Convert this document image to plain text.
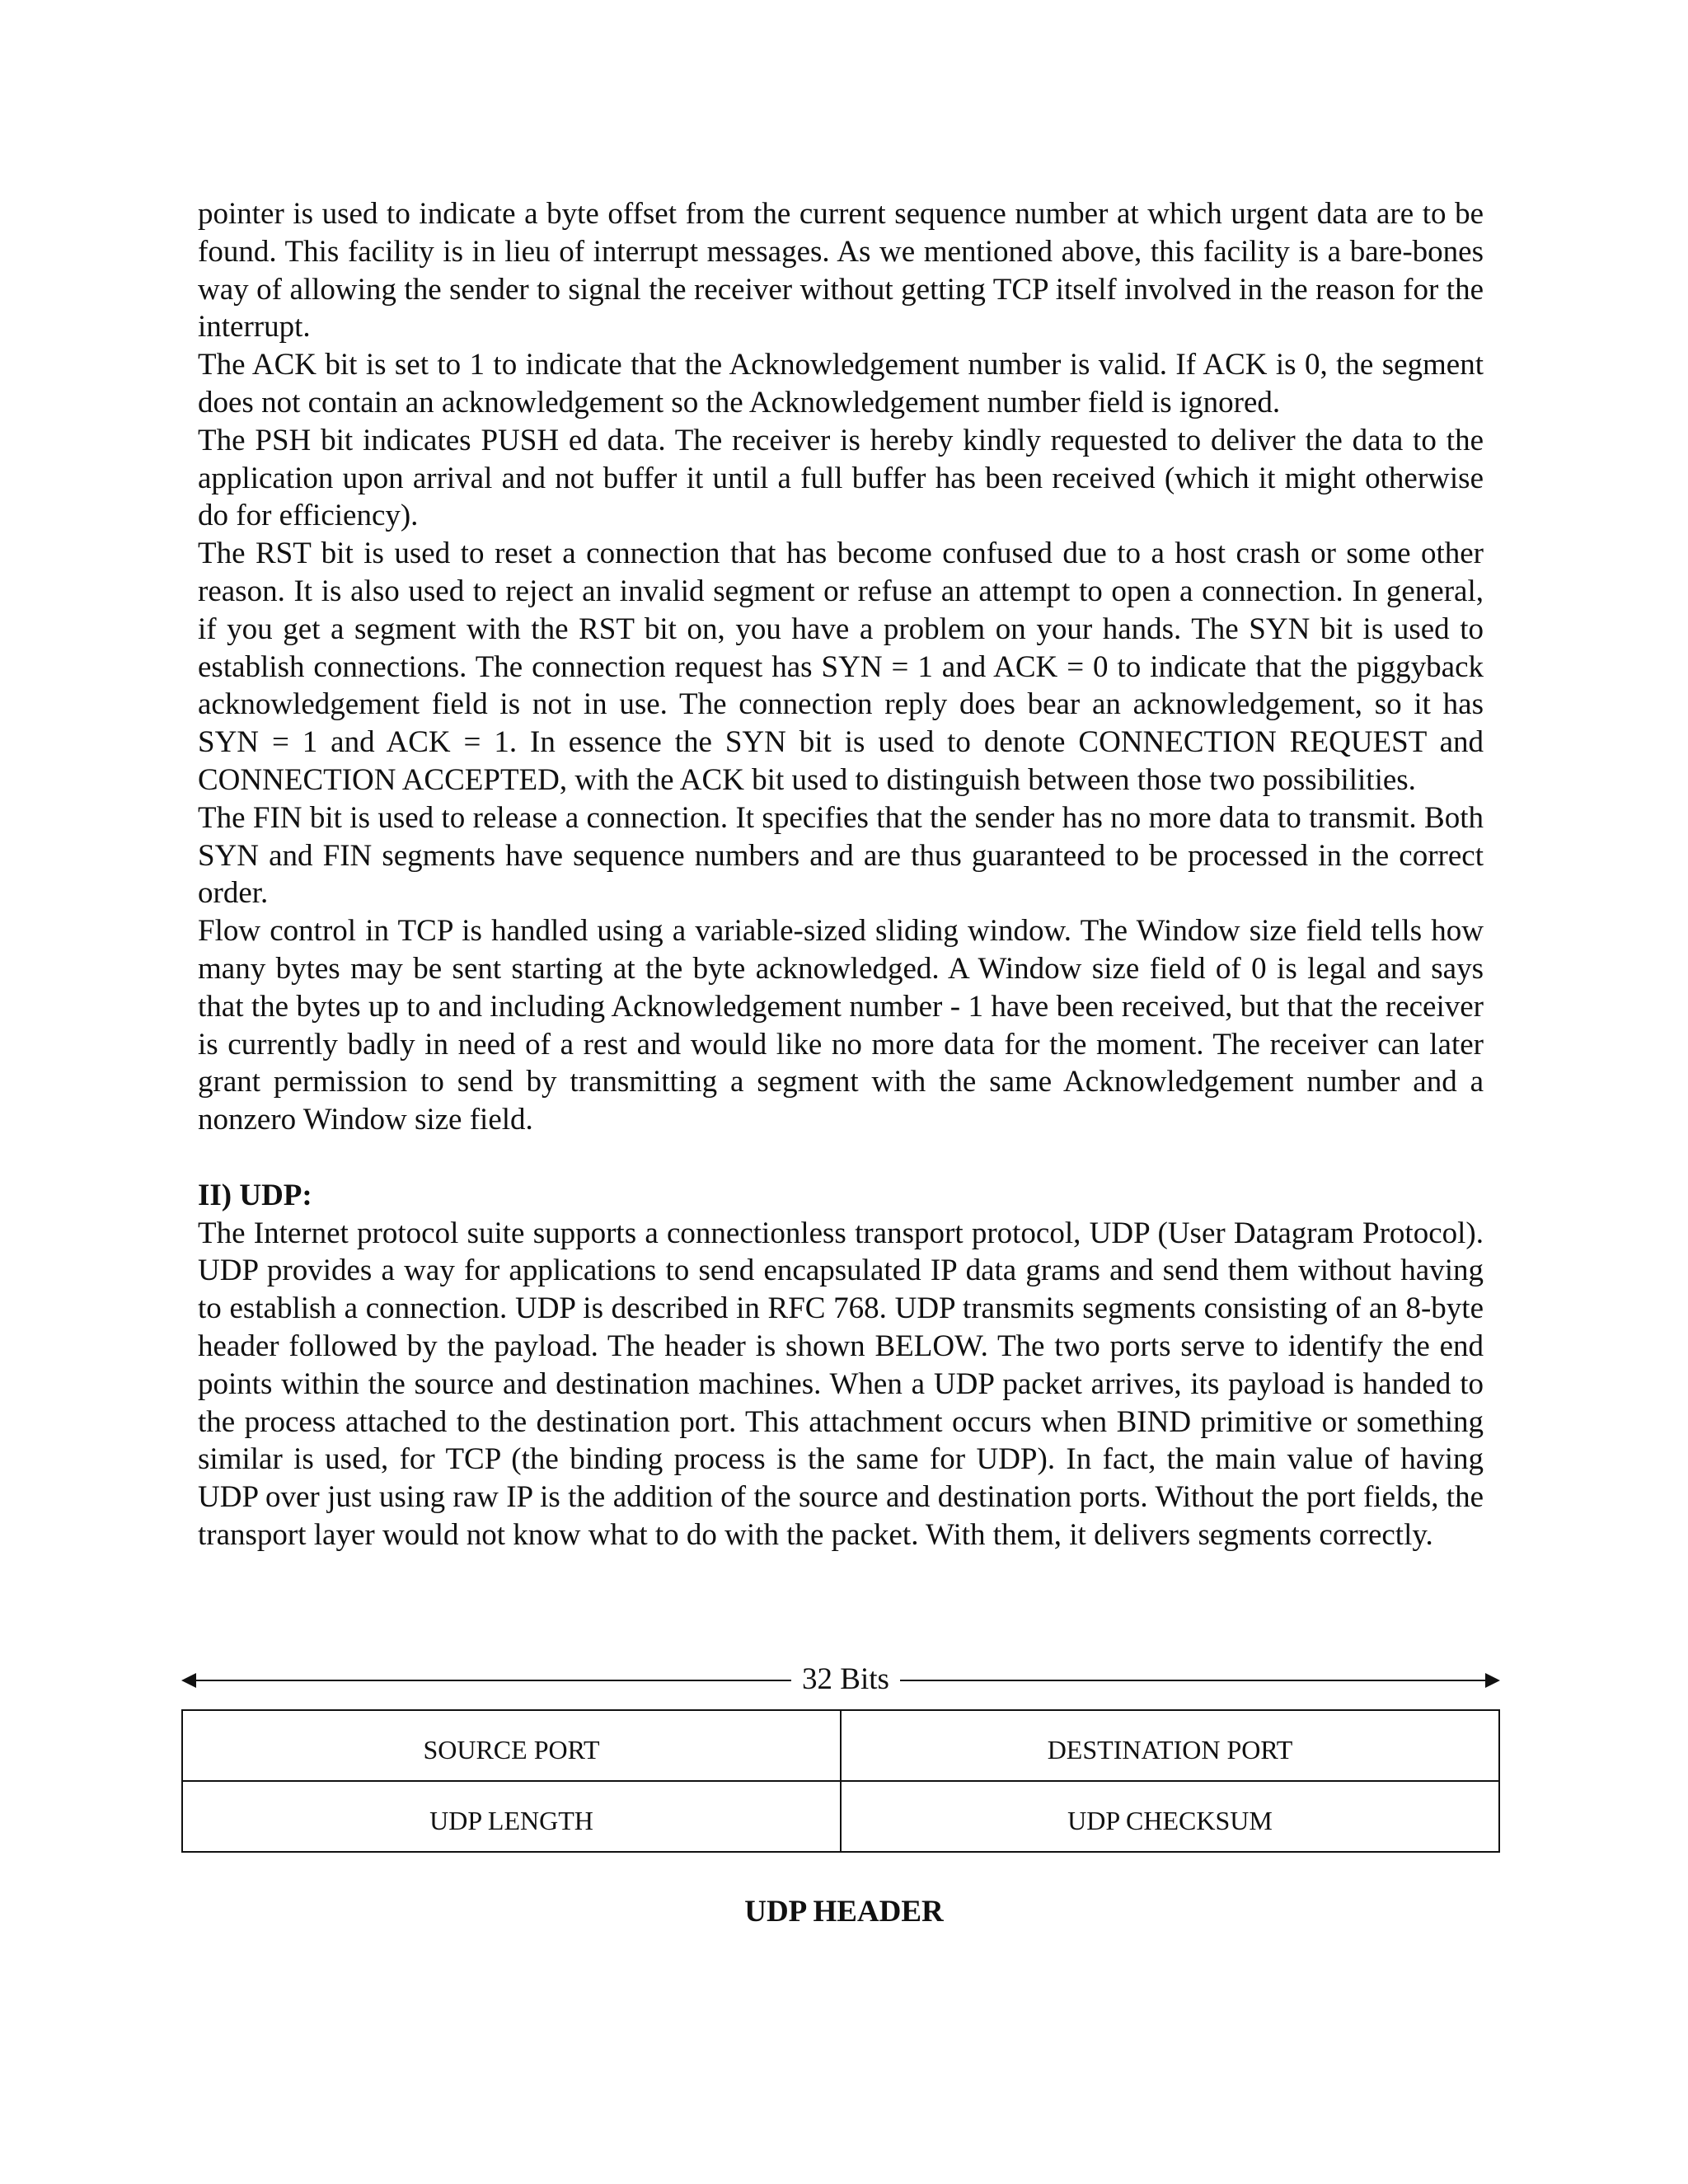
pointer is used to indicate a byte offset from the current sequence number at which urgent data are to be found. This facility is in lieu of interrupt messages. As we mentioned above, this facility is a bare-bones way of allowing the sender to signal the receiver without getting TCP itself involved in the reason for the interrupt.

The ACK bit is set to 1 to indicate that the Acknowledgement number is valid. If ACK is 0, the segment does not contain an acknowledgement so the Acknowledgement number field is ignored.

The PSH bit indicates PUSH ed data. The receiver is hereby kindly requested to deliver the data to the application upon arrival and not buffer it until a full buffer has been received (which it might otherwise do for efficiency).

The RST bit is used to reset a connection that has become confused due to a host crash or some other reason. It is also used to reject an invalid segment or refuse an attempt to open a connection. In general, if you get a segment with the RST bit on, you have a problem on your hands. The SYN bit is used to establish connections. The connection request has SYN = 1 and ACK = 0 to indicate that the piggyback acknowledgement field is not in use. The connection reply does bear an acknowledgement, so it has SYN = 1 and ACK = 1. In essence the SYN bit is used to denote CONNECTION REQUEST and CONNECTION ACCEPTED, with the ACK bit used to distinguish between those two possibilities.

The FIN bit is used to release a connection. It specifies that the sender has no more data to transmit. Both SYN and FIN segments have sequence numbers and are thus guaranteed to be processed in the correct order.

Flow control in TCP is handled using a variable-sized sliding window. The Window size field tells how many bytes may be sent starting at the byte acknowledged. A Window size field of 0 is legal and says that the bytes up to and including Acknowledgement number - 1 have been received, but that the receiver is currently badly in need of a rest and would like no more data for the moment. The receiver can later grant permission to send by transmitting a segment with the same Acknowledgement number and a nonzero Window size field.

II) UDP:

The Internet protocol suite supports a connectionless transport protocol, UDP (User Datagram Protocol). UDP provides a way for applications to send encapsulated IP data grams and send them without having to establish a connection. UDP is described in RFC 768. UDP transmits segments consisting of an 8-byte header followed by the payload. The header is shown BELOW. The two ports serve to identify the end points within the source and destination machines. When a UDP packet arrives, its payload is handed to the process attached to the destination port. This attachment occurs when BIND primitive or something similar is used, for TCP (the binding process is the same for UDP). In fact, the main value of having UDP over just using raw IP is the addition of the source and destination ports. Without the port fields, the transport layer would not know what to do with the packet. With them, it delivers segments correctly.

32 Bits
SOURCE PORT	DESTINATION PORT
UDP LENGTH	UDP CHECKSUM
UDP HEADER
